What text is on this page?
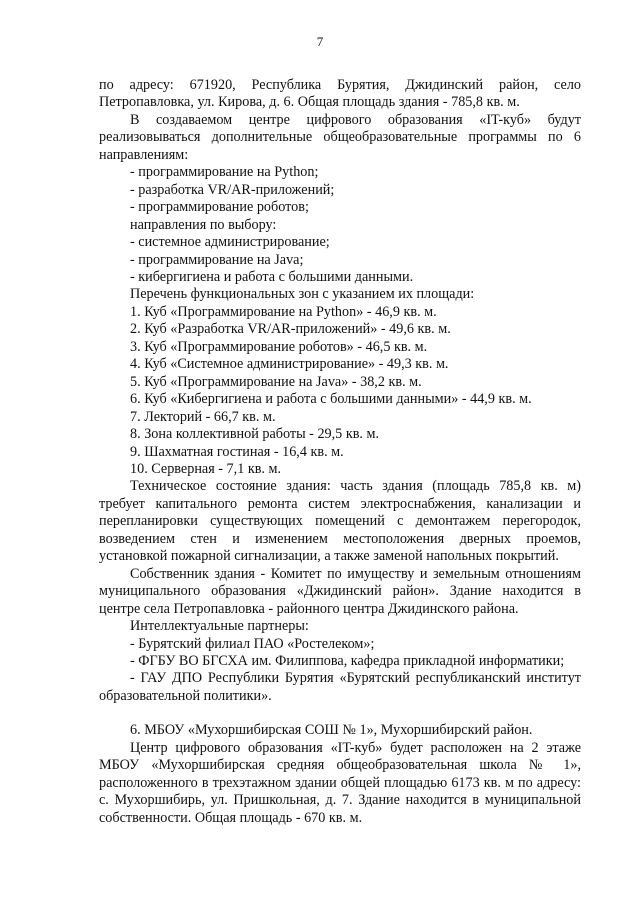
7

по адресу: 671920, Республика Бурятия, Джидинский район, село Петропавловка, ул. Кирова, д. 6. Общая площадь здания - 785,8 кв. м.

В создаваемом центре цифрового образования «IT-куб» будут реализовываться дополнительные общеобразовательные программы по 6 направлениям:

- программирование на Python;

- разработка VR/AR-приложений;

- программирование роботов;

направления по выбору:

- системное администрирование;

- программирование на Java;

- кибергигиена и работа с большими данными.

Перечень функциональных зон с указанием их площади:

1. Куб «Программирование на Python» - 46,9 кв. м.

2. Куб «Разработка VR/AR-приложений» - 49,6 кв. м.

3. Куб «Программированиe роботов» - 46,5 кв. м.

4. Куб «Системное администрирование» - 49,3 кв. м.

5. Куб «Программирование на Java» - 38,2 кв. м.

6. Куб «Кибергигиена и работа с большими данными» - 44,9 кв. м.

7. Лекторий - 66,7 кв. м.

8. Зона коллективной работы - 29,5 кв. м.

9. Шахматная гостиная - 16,4 кв. м.

10. Серверная - 7,1 кв. м.

Техническое состояние здания: часть здания (площадь 785,8 кв. м) требует капитального ремонта систем электроснабжения, канализации и перепланировки существующих помещений с демонтажем перегородок, возведением стен и изменением местоположения дверных проемов, установкой пожарной сигнализации, а также заменой напольных покрытий.

Собственник здания - Комитет по имуществу и земельным отношениям муниципального образования «Джидинский район». Здание находится в центре села Петропавловка - районного центра Джидинского района.

Интеллектуальные партнеры:

- Бурятский филиал ПАО «Ростелеком»;

- ФГБУ ВО БГСХА им. Филиппова, кафедра прикладной информатики;

- ГАУ ДПО Республики Бурятия «Бурятский республиканский институт образовательной политики».

6. МБОУ «Мухоршибирская СОШ № 1», Мухоршибирский район.

Центр цифрового образования «IT-куб» будет расположен на 2 этаже МБОУ «Мухоршибирская средняя общеобразовательная школа № 1», расположенного в трехэтажном здании общей площадью 6173 кв. м по адресу: с. Мухоршибирь, ул. Пришкольная, д. 7. Здание находится в муниципальной собственности. Общая площадь - 670 кв. м.
